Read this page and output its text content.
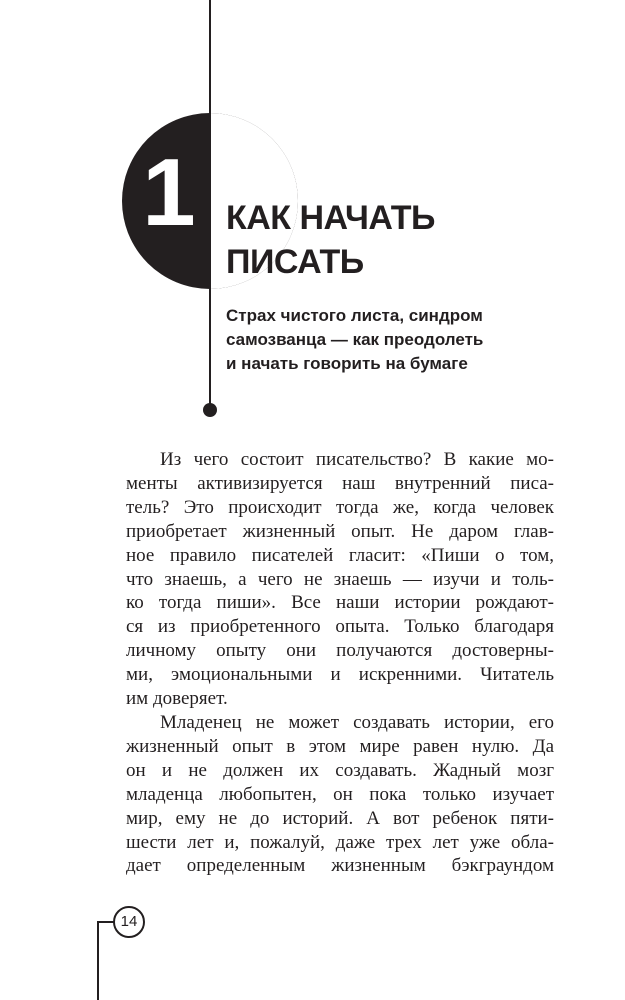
1 КАК НАЧАТЬ
ПИСАТЬ

Страх чистого листа, синдром
самозванца — как преодолеть
и начать говорить на бумаге

Из чего состоит писательство? В какие мо-
менты активизируется наш внутренний писа-
тель? Это происходит тогда же, когда человек
приобретает жизненный опыт. Не даром глав-
ное правило писателей гласит: «Пиши о том,
что знаешь, а чего не знаешь — изучи и толь-
ко тогда пиши». Все наши истории рождают-
ся из приобретенного опыта. Только благодаря
личному опыту они получаются достоверны-
ми, эмоциональными и искренними. Читатель
им доверяет.
Младенец не может создавать истории, его
жизненный опыт в этом мире равен нулю. Да
он и не должен их создавать. Жадный мозг
младенца любопытен, он пока только изучает
мир, ему не до историй. А вот ребенок пяти-
шести лет и, пожалуй, даже трех лет уже обла-
дает определенным жизненным бэкграундом
14
